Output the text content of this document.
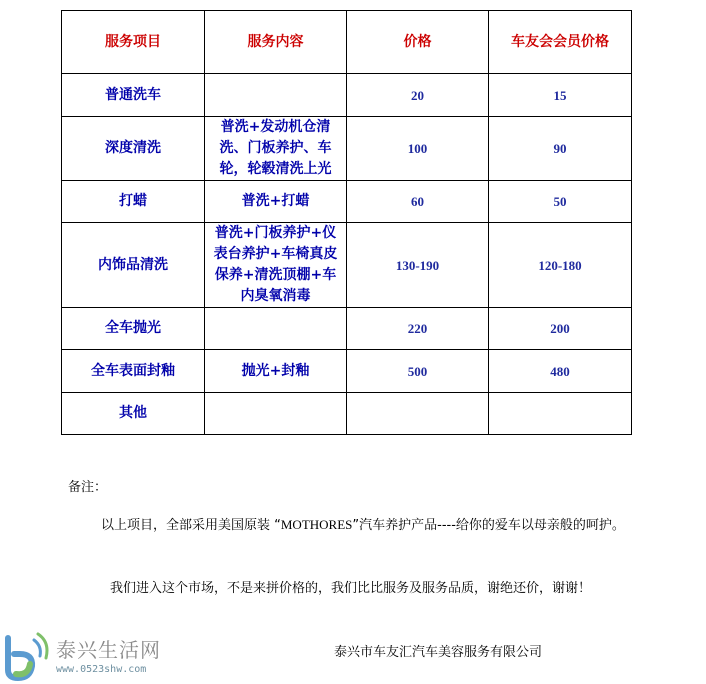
服务项目	服务内容	价格	车友会会员价格
普通洗车		20	15
深度清洗	普洗+发动机仓清洗、门板养护、车轮，轮毂清洗上光	100	90
打蜡	普洗+打蜡	60	50
内饰品清洗	普洗+门板养护+仪表台养护+车椅真皮保养+清洗顶棚+车内臭氧消毒	130-190	120-180
全车抛光		220	200
全车表面封釉	抛光+封釉	500	480
其他			
备注：
以上项目，全部采用美国原装 “MOTHORES”汽车养护产品----给你的爱车以母亲般的呵护。
我们进入这个市场，不是来拼价格的，我们比比服务及服务品质，谢绝还价，谢谢！
泰兴市车友汇汽车美容服务有限公司
泰兴生活网
www.0523shw.com
